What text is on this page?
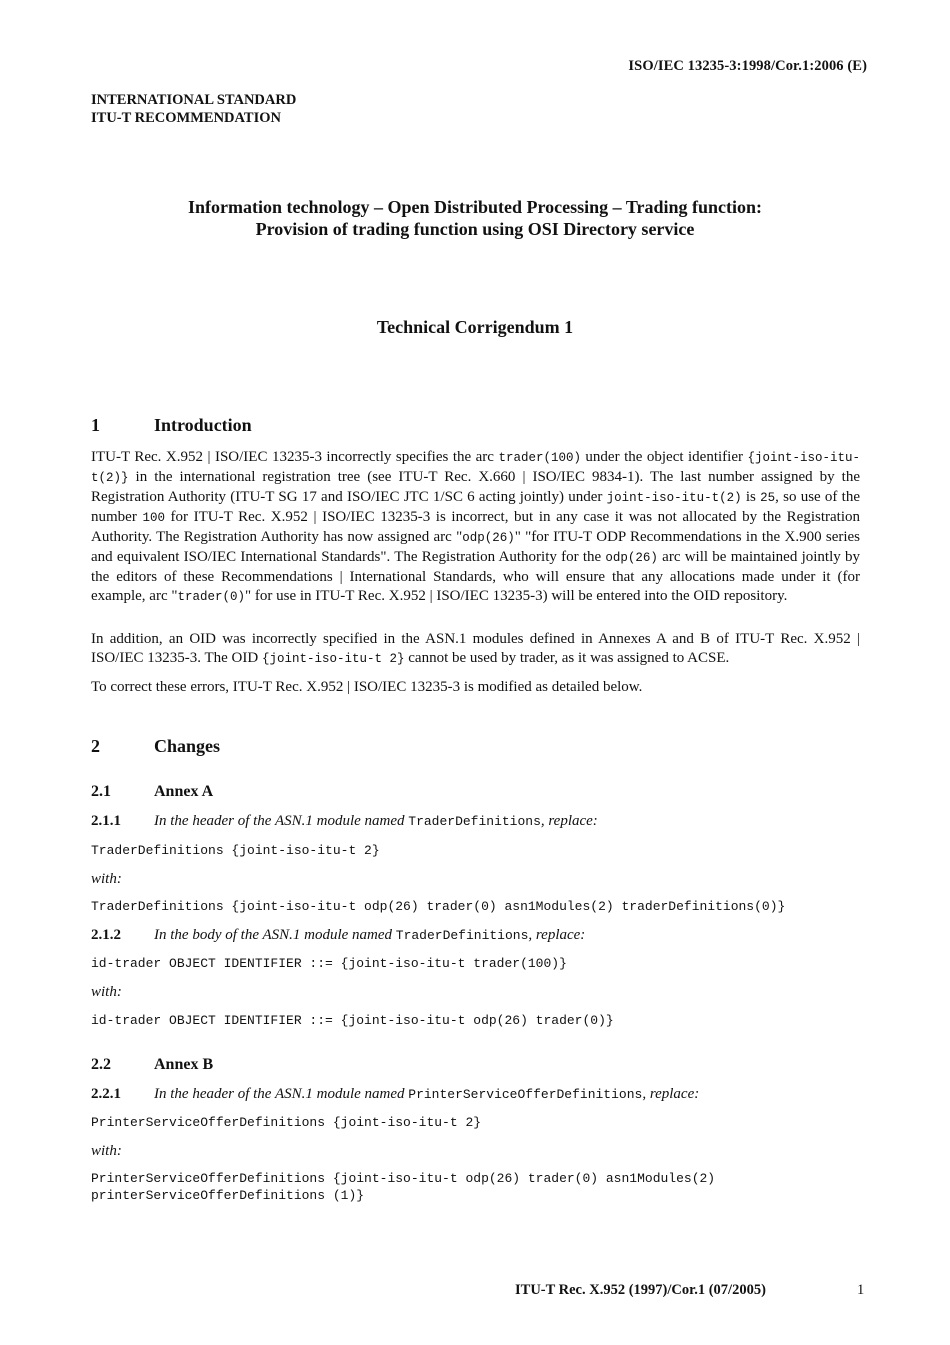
ISO/IEC 13235-3:1998/Cor.1:2006 (E)
INTERNATIONAL STANDARD
ITU-T RECOMMENDATION
Information technology – Open Distributed Processing – Trading function:
Provision of trading function using OSI Directory service
Technical Corrigendum 1
1	Introduction
ITU-T Rec. X.952 | ISO/IEC 13235-3 incorrectly specifies the arc trader(100) under the object identifier {joint-iso-itu-t(2)} in the international registration tree (see ITU-T Rec. X.660 | ISO/IEC 9834-1). The last number assigned by the Registration Authority (ITU-T SG 17 and ISO/IEC JTC 1/SC 6 acting jointly) under joint-iso-itu-t(2) is 25, so use of the number 100 for ITU-T Rec. X.952 | ISO/IEC 13235-3 is incorrect, but in any case it was not allocated by the Registration Authority. The Registration Authority has now assigned arc "odp(26)" "for ITU-T ODP Recommendations in the X.900 series and equivalent ISO/IEC International Standards". The Registration Authority for the odp(26) arc will be maintained jointly by the editors of these Recommendations | International Standards, who will ensure that any allocations made under it (for example, arc "trader(0)" for use in ITU-T Rec. X.952 | ISO/IEC 13235-3) will be entered into the OID repository.
In addition, an OID was incorrectly specified in the ASN.1 modules defined in Annexes A and B of ITU-T Rec. X.952 | ISO/IEC 13235-3. The OID {joint-iso-itu-t 2} cannot be used by trader, as it was assigned to ACSE.
To correct these errors, ITU-T Rec. X.952 | ISO/IEC 13235-3 is modified as detailed below.
2	Changes
2.1	Annex A
2.1.1 In the header of the ASN.1 module named TraderDefinitions, replace:
TraderDefinitions {joint-iso-itu-t 2}
with:
TraderDefinitions {joint-iso-itu-t odp(26) trader(0) asn1Modules(2) traderDefinitions(0)}
2.1.2 In the body of the ASN.1 module named TraderDefinitions, replace:
id-trader OBJECT IDENTIFIER ::= {joint-iso-itu-t trader(100)}
with:
id-trader OBJECT IDENTIFIER ::= {joint-iso-itu-t odp(26) trader(0)}
2.2	Annex B
2.2.1 In the header of the ASN.1 module named PrinterServiceOfferDefinitions, replace:
PrinterServiceOfferDefinitions {joint-iso-itu-t 2}
with:
PrinterServiceOfferDefinitions {joint-iso-itu-t odp(26) trader(0) asn1Modules(2)
printerServiceOfferDefinitions (1)}
ITU-T Rec. X.952 (1997)/Cor.1 (07/2005)	1
